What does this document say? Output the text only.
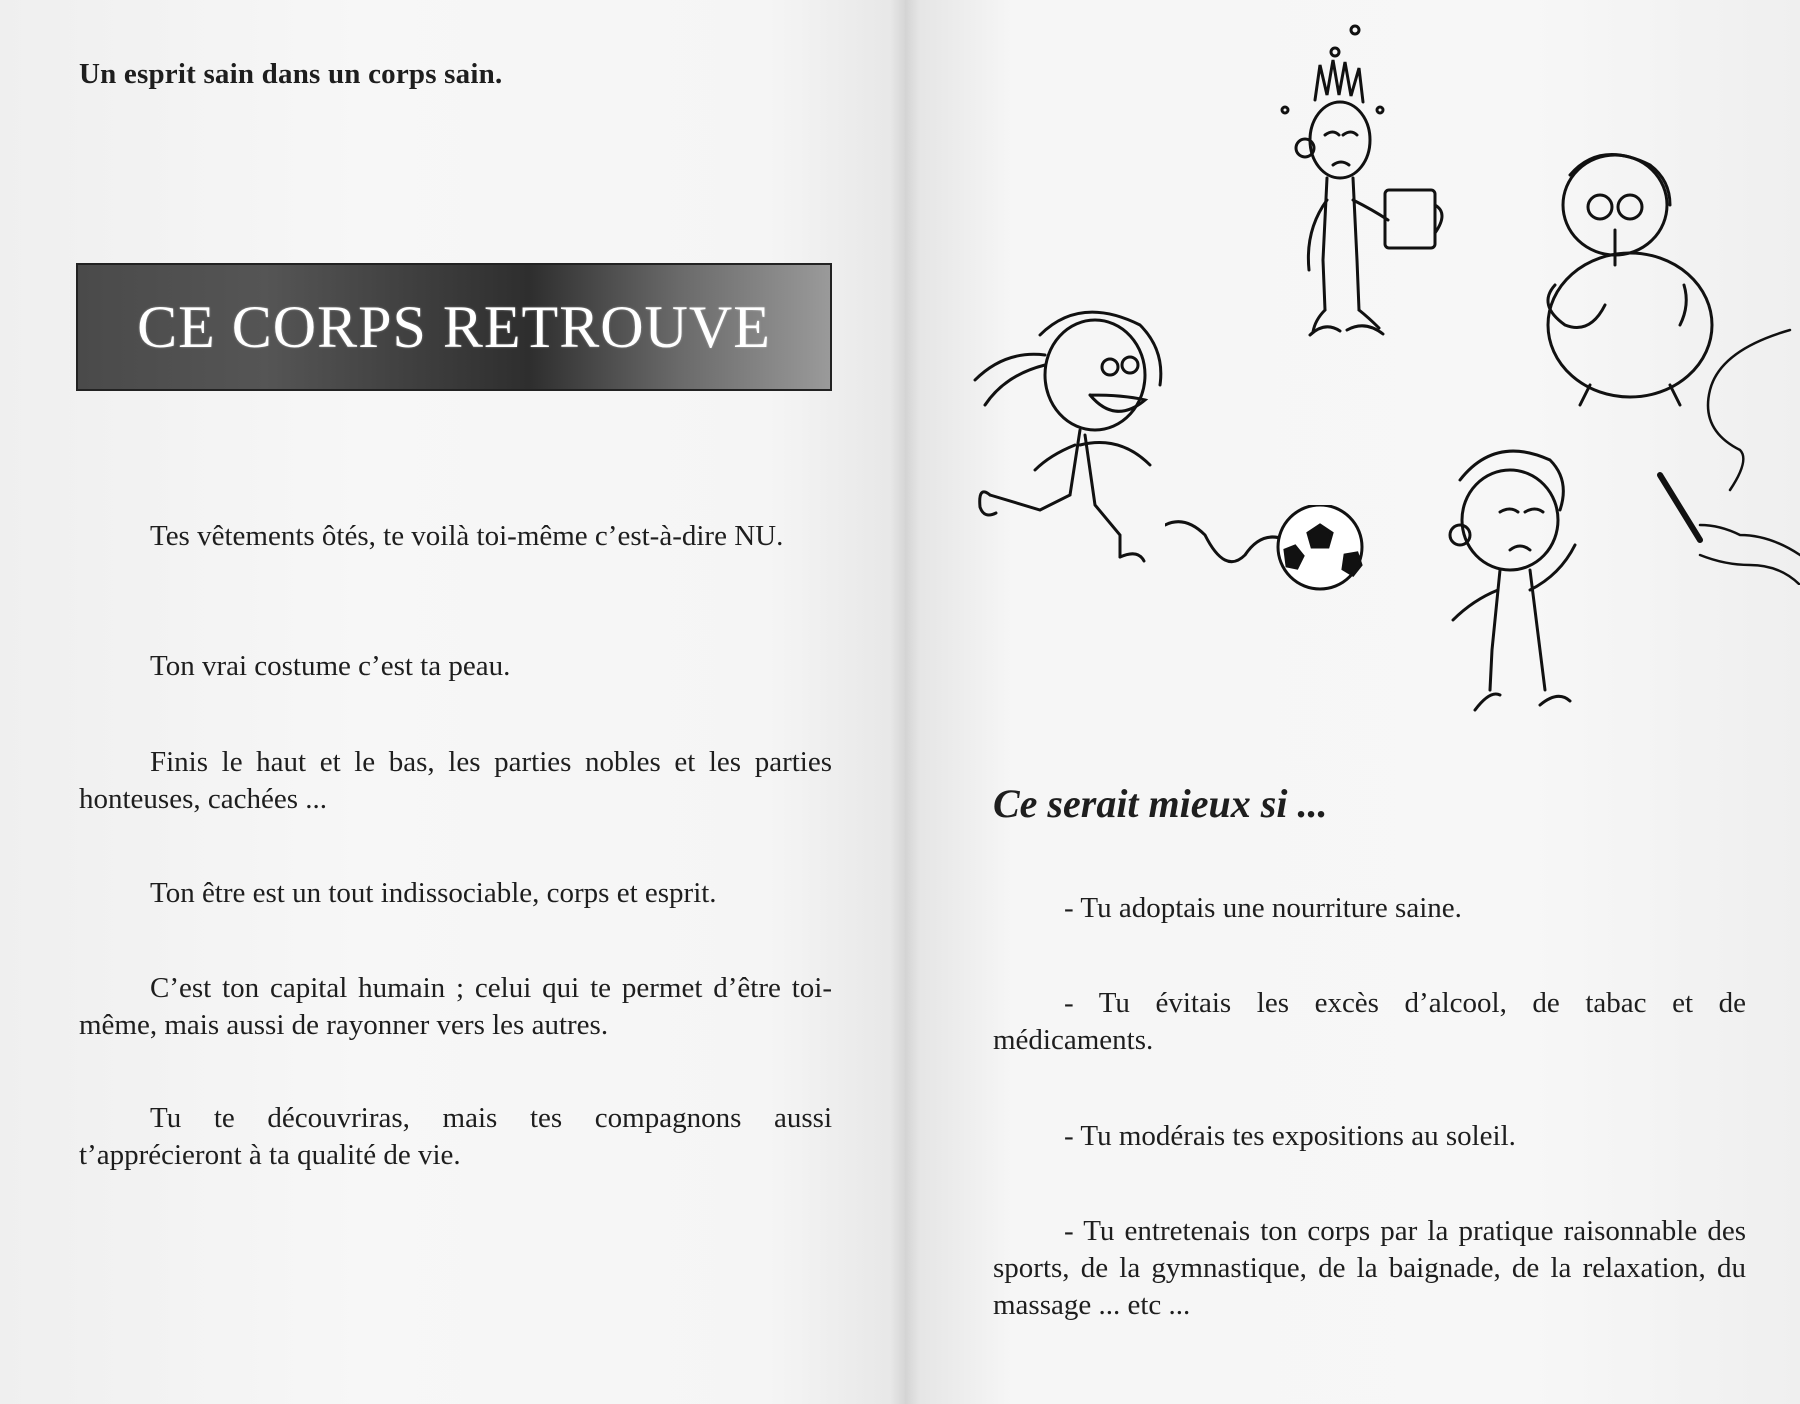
Un esprit sain dans un corps sain.
CE CORPS RETROUVE
Tes vêtements ôtés, te voilà toi-même c’est-à-dire NU.
Ton vrai costume c’est ta peau.
Finis le haut et le bas, les parties nobles et les parties honteuses, cachées ...
Ton être est un tout indissociable, corps et esprit.
C’est ton capital humain ; celui qui te permet d’être toi-même, mais aussi de rayonner vers les autres.
Tu te découvriras, mais tes compagnons aussi t’apprécieront à ta qualité de vie.
Ce serait mieux si ...
- Tu adoptais une nourriture saine.
- Tu évitais les excès d’alcool, de tabac et de médicaments.
- Tu modérais tes expositions au soleil.
- Tu entretenais ton corps par la pratique raisonnable des sports, de la gymnastique, de la baignade, de la relaxation, du massage ... etc ...
